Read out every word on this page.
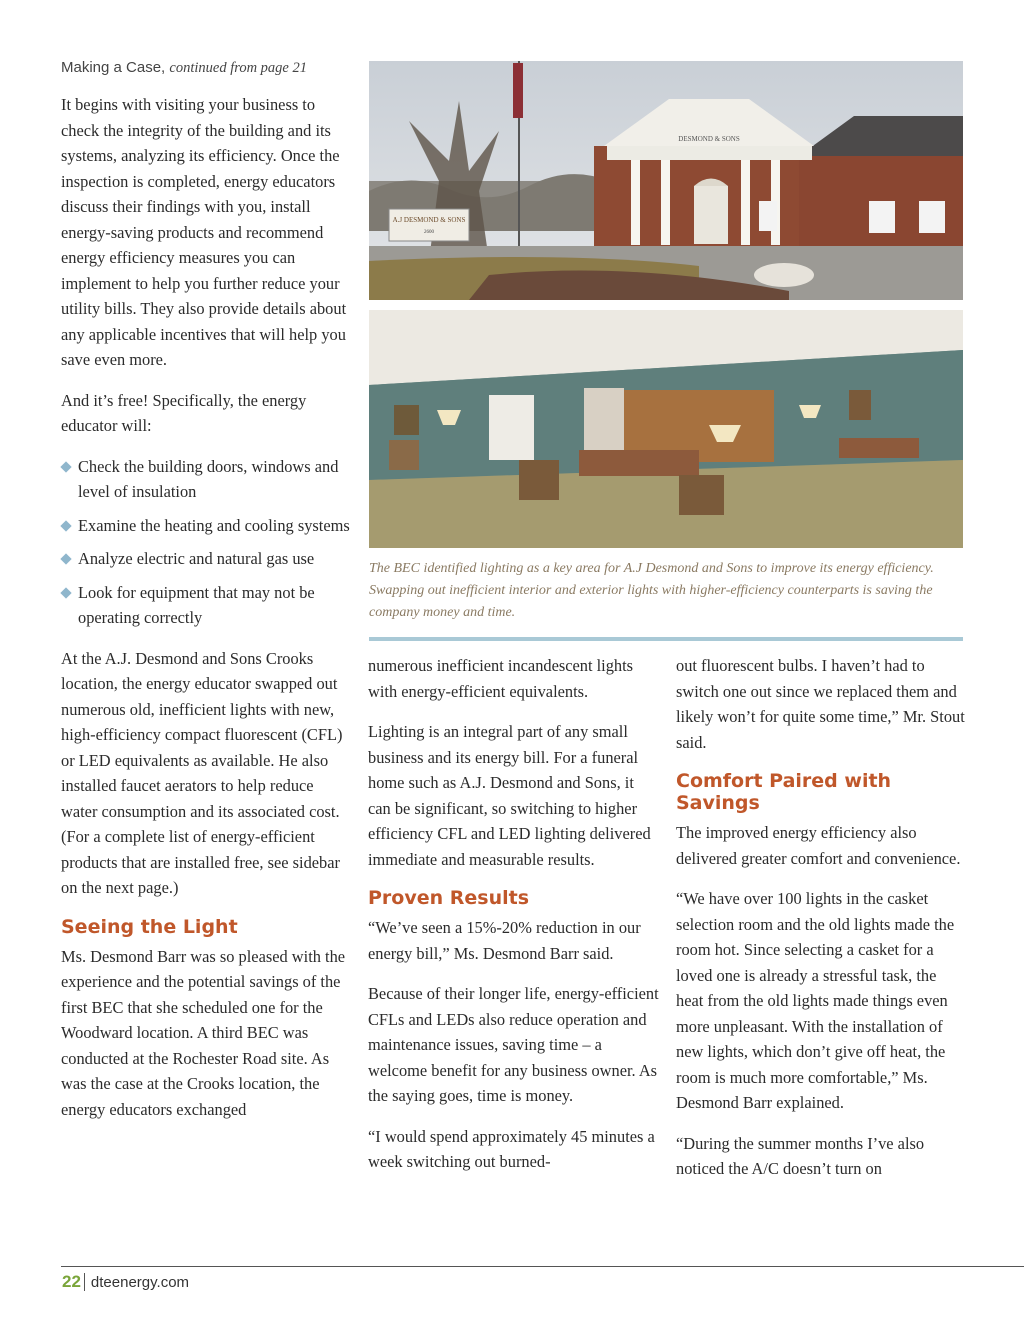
Making a Case, continued from page 21

It begins with visiting your business to check the integrity of the building and its systems, analyzing its efficiency. Once the inspection is completed, energy educators discuss their findings with you, install energy-saving products and recommend energy efficiency measures you can implement to help you further reduce your utility bills. They also provide details about any applicable incentives that will help you save even more.

And it’s free! Specifically, the energy educator will:

Check the building doors, windows and level of insulation
Examine the heating and cooling systems
Analyze electric and natural gas use
Look for equipment that may not be operating correctly

At the A.J. Desmond and Sons Crooks location, the energy educator swapped out numerous old, inefficient lights with new, high-efficiency compact fluorescent (CFL) or LED equivalents as available. He also installed faucet aerators to help reduce water consumption and its associated cost. (For a complete list of energy-efficient products that are installed free, see sidebar on the next page.)

Seeing the Light

Ms. Desmond Barr was so pleased with the experience and the potential savings of the first BEC that she scheduled one for the Woodward location. A third BEC was conducted at the Rochester Road site. As was the case at the Crooks location, the energy educators exchanged

DESMOND & SONS
A.J DESMOND & SONS
2600
The BEC identified lighting as a key area for A.J Desmond and Sons to improve its energy efficiency. Swapping out inefficient interior and exterior lights with higher-efficiency counterparts is saving the company money and time.

numerous inefficient incandescent lights with energy-efficient equivalents.

Lighting is an integral part of any small business and its energy bill. For a funeral home such as A.J. Desmond and Sons, it can be significant, so switching to higher efficiency CFL and LED lighting delivered immediate and measurable results.

Proven Results

“We’ve seen a 15%-20% reduction in our energy bill,” Ms. Desmond Barr said.

Because of their longer life, energy-efficient CFLs and LEDs also reduce operation and maintenance issues, saving time – a welcome benefit for any business owner. As the saying goes, time is money.

“I would spend approximately 45 minutes a week switching out burned-

out fluorescent bulbs. I haven’t had to switch one out since we replaced them and likely won’t for quite some time,” Mr. Stout said.

Comfort Paired with Savings

The improved energy efficiency also delivered greater comfort and convenience.

“We have over 100 lights in the casket selection room and the old lights made the room hot. Since selecting a casket for a loved one is already a stressful task, the heat from the old lights made things even more unpleasant. With the installation of new lights, which don’t give off heat, the room is much more comfortable,” Ms. Desmond Barr explained.

“During the summer months I’ve also noticed the A/C doesn’t turn on

22 dteenergy.com
